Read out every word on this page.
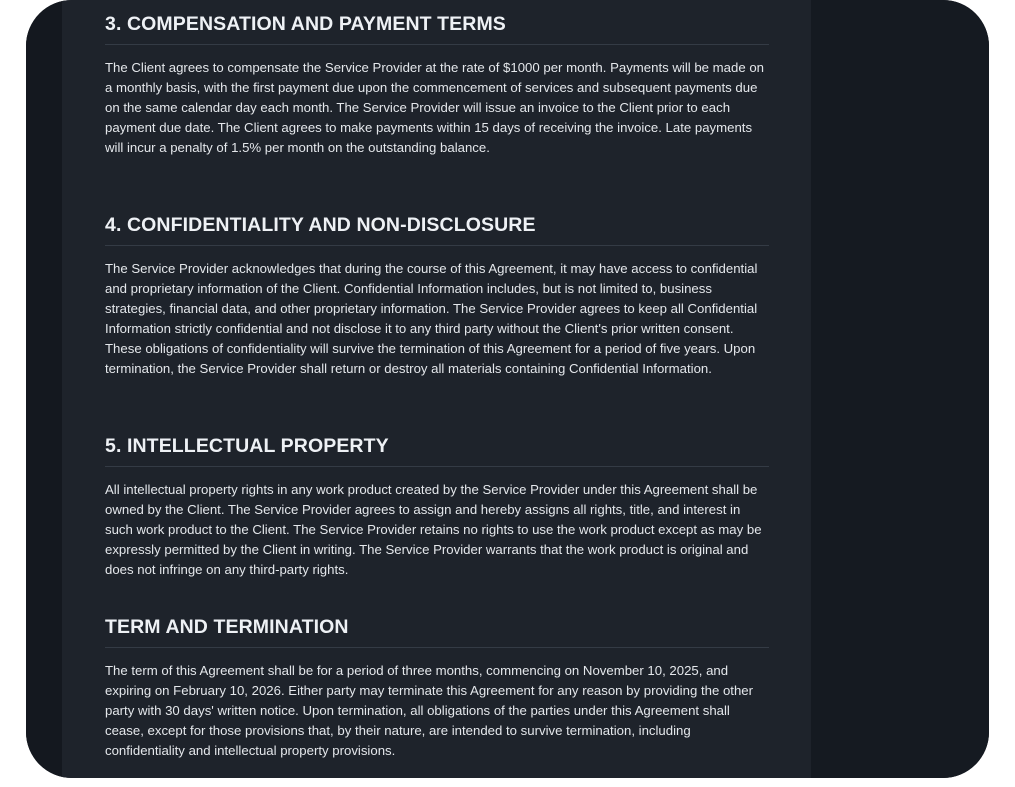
3. COMPENSATION AND PAYMENT TERMS

The Client agrees to compensate the Service Provider at the rate of $1000 per month. Payments will be made on a monthly basis, with the first payment due upon the commencement of services and subsequent payments due on the same calendar day each month. The Service Provider will issue an invoice to the Client prior to each payment due date. The Client agrees to make payments within 15 days of receiving the invoice. Late payments will incur a penalty of 1.5% per month on the outstanding balance.

4. CONFIDENTIALITY AND NON-DISCLOSURE

The Service Provider acknowledges that during the course of this Agreement, it may have access to confidential and proprietary information of the Client. Confidential Information includes, but is not limited to, business strategies, financial data, and other proprietary information. The Service Provider agrees to keep all Confidential Information strictly confidential and not disclose it to any third party without the Client's prior written consent. These obligations of confidentiality will survive the termination of this Agreement for a period of five years. Upon termination, the Service Provider shall return or destroy all materials containing Confidential Information.

5. INTELLECTUAL PROPERTY

All intellectual property rights in any work product created by the Service Provider under this Agreement shall be owned by the Client. The Service Provider agrees to assign and hereby assigns all rights, title, and interest in such work product to the Client. The Service Provider retains no rights to use the work product except as may be expressly permitted by the Client in writing. The Service Provider warrants that the work product is original and does not infringe on any third-party rights.

TERM AND TERMINATION

The term of this Agreement shall be for a period of three months, commencing on November 10, 2025, and expiring on February 10, 2026. Either party may terminate this Agreement for any reason by providing the other party with 30 days' written notice. Upon termination, all obligations of the parties under this Agreement shall cease, except for those provisions that, by their nature, are intended to survive termination, including confidentiality and intellectual property provisions.
